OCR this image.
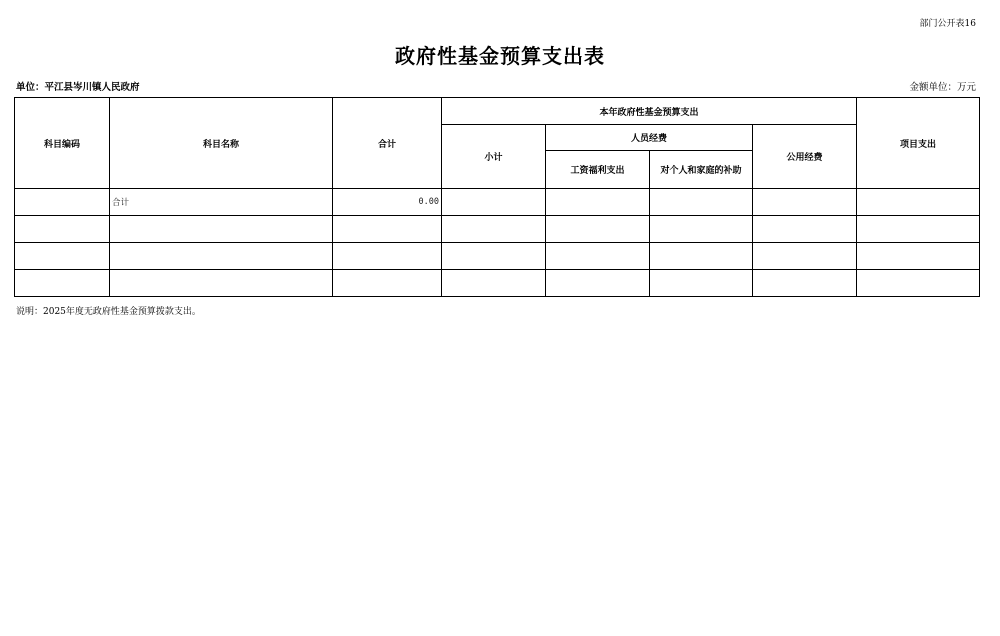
部门公开表16
政府性基金预算支出表
单位：平江县岑川镇人民政府	金额单位：万元
科目编码	科目名称	合计	本年政府性基金预算支出				项目支出
			小计	人员经费		公用经费	
				工资福利支出	对个人和家庭的补助		
	合计	0.00					

说明：2025年度无政府性基金预算拨款支出。
